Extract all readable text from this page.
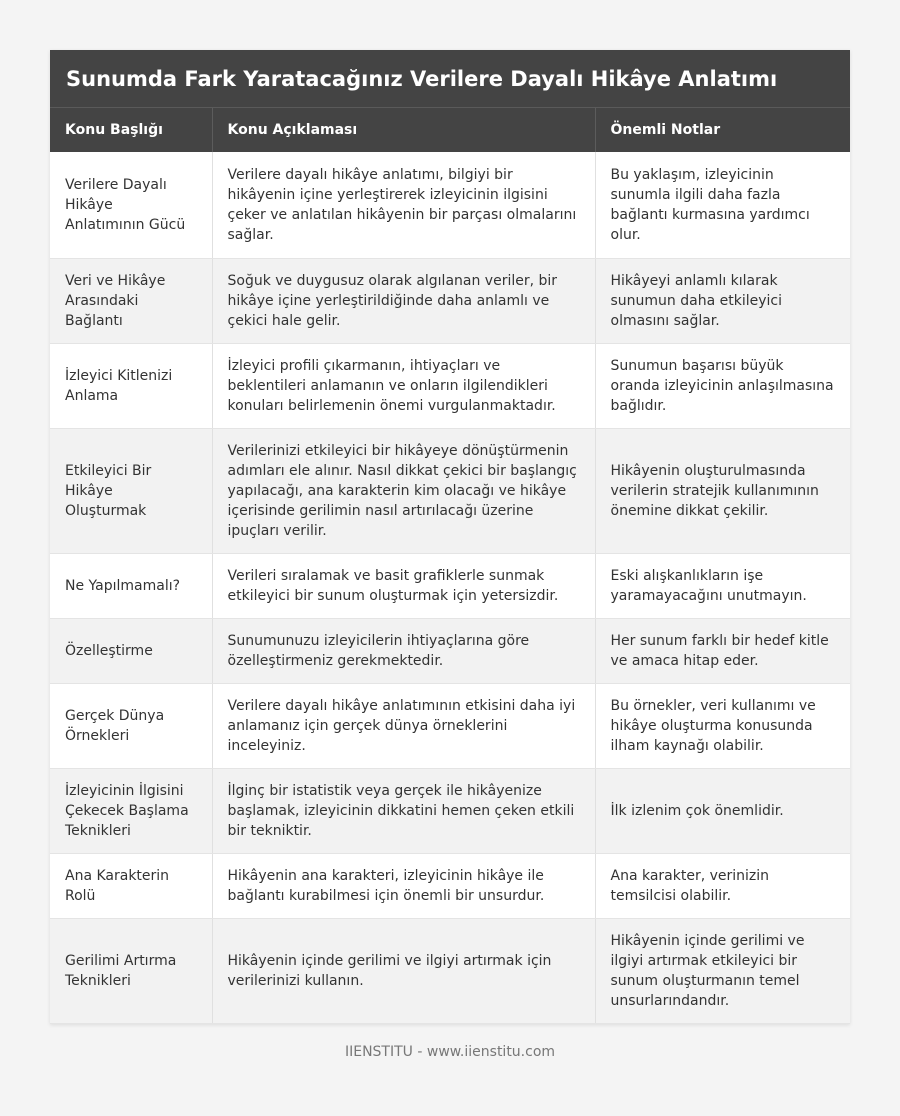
Sunumda Fark Yaratacağınız Verilere Dayalı Hikâye Anlatımı
Konu Başlığı	Konu Açıklaması	Önemli Notlar
Verilere Dayalı Hikâye Anlatımının Gücü	Verilere dayalı hikâye anlatımı, bilgiyi bir hikâyenin içine yerleştirerek izleyicinin ilgisini çeker ve anlatılan hikâyenin bir parçası olmalarını sağlar.	Bu yaklaşım, izleyicinin sunumla ilgili daha fazla bağlantı kurmasına yardımcı olur.
Veri ve Hikâye Arasındaki Bağlantı	Soğuk ve duygusuz olarak algılanan veriler, bir hikâye içine yerleştirildiğinde daha anlamlı ve çekici hale gelir.	Hikâyeyi anlamlı kılarak sunumun daha etkileyici olmasını sağlar.
İzleyici Kitlenizi Anlama	İzleyici profili çıkarmanın, ihtiyaçları ve beklentileri anlamanın ve onların ilgilendikleri konuları belirlemenin önemi vurgulanmaktadır.	Sunumun başarısı büyük oranda izleyicinin anlaşılmasına bağlıdır.
Etkileyici Bir Hikâye Oluşturmak	Verilerinizi etkileyici bir hikâyeye dönüştürmenin adımları ele alınır. Nasıl dikkat çekici bir başlangıç yapılacağı, ana karakterin kim olacağı ve hikâye içerisinde gerilimin nasıl artırılacağı üzerine ipuçları verilir.	Hikâyenin oluşturulmasında verilerin stratejik kullanımının önemine dikkat çekilir.
Ne Yapılmamalı?	Verileri sıralamak ve basit grafiklerle sunmak etkileyici bir sunum oluşturmak için yetersizdir.	Eski alışkanlıkların işe yaramayacağını unutmayın.
Özelleştirme	Sunumunuzu izleyicilerin ihtiyaçlarına göre özelleştirmeniz gerekmektedir.	Her sunum farklı bir hedef kitle ve amaca hitap eder.
Gerçek Dünya Örnekleri	Verilere dayalı hikâye anlatımının etkisini daha iyi anlamanız için gerçek dünya örneklerini inceleyiniz.	Bu örnekler, veri kullanımı ve hikâye oluşturma konusunda ilham kaynağı olabilir.
İzleyicinin İlgisini Çekecek Başlama Teknikleri	İlginç bir istatistik veya gerçek ile hikâyenize başlamak, izleyicinin dikkatini hemen çeken etkili bir tekniktir.	İlk izlenim çok önemlidir.
Ana Karakterin Rolü	Hikâyenin ana karakteri, izleyicinin hikâye ile bağlantı kurabilmesi için önemli bir unsurdur.	Ana karakter, verinizin temsilcisi olabilir.
Gerilimi Artırma Teknikleri	Hikâyenin içinde gerilimi ve ilgiyi artırmak için verilerinizi kullanın.	Hikâyenin içinde gerilimi ve ilgiyi artırmak etkileyici bir sunum oluşturmanın temel unsurlarındandır.
IIENSTITU - www.iienstitu.com
